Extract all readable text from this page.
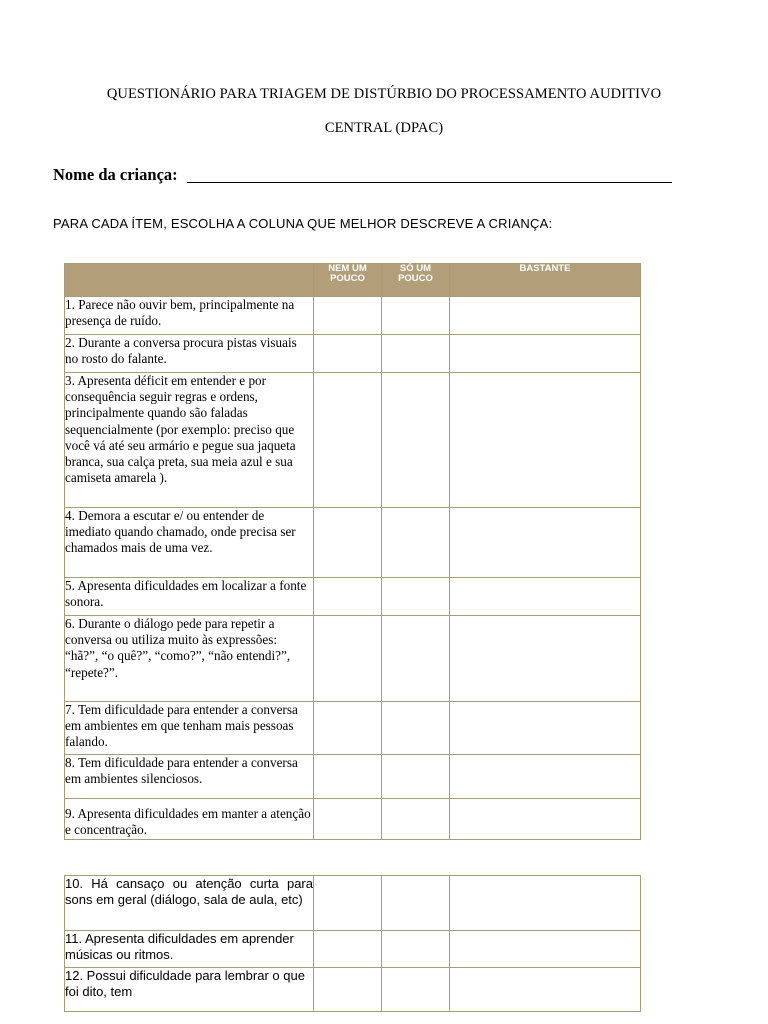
QUESTIONÁRIO PARA TRIAGEM DE DISTÚRBIO DO PROCESSAMENTO AUDITIVO
CENTRAL (DPAC)
Nome da criança:
PARA CADA ÍTEM, ESCOLHA A COLUNA QUE MELHOR DESCREVE A CRIANÇA:
	NEM UM POUCO	SÓ UM POUCO	BASTANTE
1. Parece não ouvir bem, principalmente na presença de ruído.			
2. Durante a conversa procura pistas visuais no rosto do falante.			
3. Apresenta déficit em entender e por consequência seguir regras e ordens, principalmente quando são faladas sequencialmente (por exemplo: preciso que você vá até seu armário e pegue sua jaqueta branca, sua calça preta, sua meia azul e sua camiseta amarela ).			
4. Demora a escutar e/ ou entender de imediato quando chamado, onde precisa ser chamados mais de uma vez.			
5. Apresenta dificuldades em localizar a fonte sonora.			
6. Durante o diálogo pede para repetir a conversa ou utiliza muito às expressões: “hã?”, “o quê?”, “como?”, “não entendi?”, “repete?”.			
7. Tem dificuldade para entender a conversa em ambientes em que tenham mais pessoas falando.			
8. Tem dificuldade para entender a conversa em ambientes silenciosos.			
9. Apresenta dificuldades em manter a atenção e concentração.			
10. Há cansaço ou atenção curta para sons em geral (diálogo, sala de aula, etc)			
11. Apresenta dificuldades em aprender músicas ou ritmos.			
12. Possui dificuldade para lembrar o que foi dito, tem			
